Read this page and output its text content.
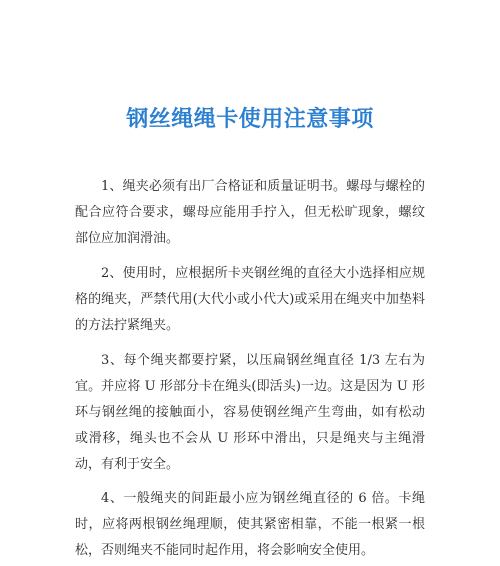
钢丝绳绳卡使用注意事项

1、绳夹必须有出厂合格证和质量证明书。螺母与螺栓的配合应符合要求，螺母应能用手拧入，但无松旷现象，螺纹部位应加润滑油。

2、使用时，应根据所卡夹钢丝绳的直径大小选择相应规格的绳夹，严禁代用(大代小或小代大)或采用在绳夹中加垫料的方法拧紧绳夹。

3、每个绳夹都要拧紧，以压扁钢丝绳直径 1/3 左右为宜。并应将 U 形部分卡在绳头(即活头)一边。这是因为 U 形环与钢丝绳的接触面小，容易使钢丝绳产生弯曲，如有松动或滑移，绳头也不会从 U 形环中滑出，只是绳夹与主绳滑动，有利于安全。

4、一般绳夹的间距最小应为钢丝绳直径的 6 倍。卡绳时，应将两根钢丝绳理顺，使其紧密相靠，不能一根紧一根松，否则绳夹不能同时起作用，将会影响安全使用。
